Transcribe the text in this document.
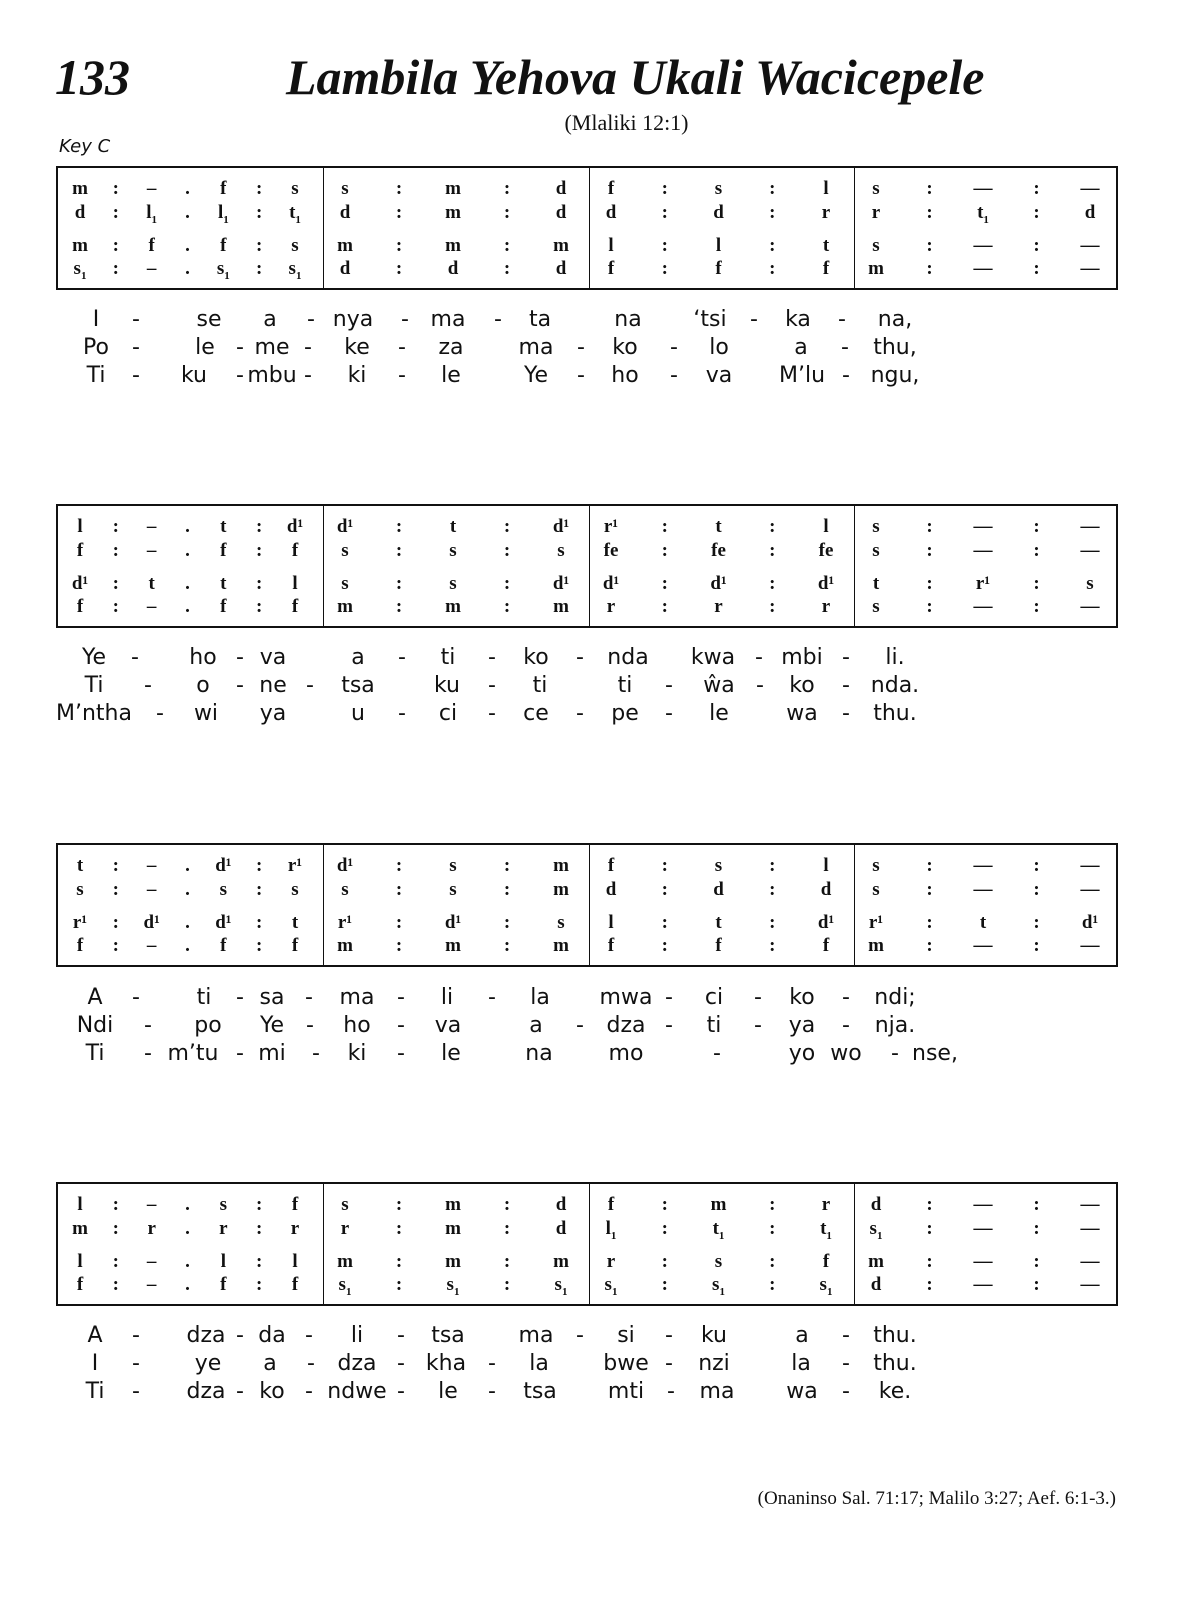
133	Lambila Yehova Ukali Wacicepele
(Mlaliki 12:1)
Key C
m	:	–	.	f	:	s	s	:	m	:	d	f	:	s	:	l	s	:	—	:	—
d	:	$l_1$	.	$l_1$	:	$t_1$	d	:	m	:	d	d	:	d	:	r	r	:	$t_1$	:	d
m	:	f	.	f	:	s	m	:	m	:	m	l	:	l	:	t	s	:	—	:	—
$s_1$	:	–	.	$s_1$	:	$s_1$	d	:	d	:	d	f	:	f	:	f	m	:	—	:	—
I	-	se	a	- nya	- ma	-	ta	na	‘tsi	-	ka	-	na,
Po	-	le - me -	ke	-	za	ma	-	ko	-	lo	a	-	thu,
Ti	-	ku	- mbu -	ki	-	le	Ye	-	ho	-	va	M’lu - ngu,
l	:	–	.	t	:	d¹	d¹	:	t	:	d¹	r¹	:	t	:	l	s	:	—	:	—
f	:	–	.	f	:	f	s	:	s	:	s	fe	:	fe	:	fe	s	:	—	:	—
d¹	:	t	.	t	:	l	s	:	s	:	d¹	d¹	:	d¹	:	d¹	t	:	r¹	:	s
f	:	–	.	f	:	f	m	:	m	:	m	r	:	r	:	r	s	:	—	:	—
Ye	-	ho - va	a	-	ti	-	ko	-	nda	kwa - mbi -	li.
Ti	-	o	- ne -	tsa	ku	-	ti	ti	-	ŵa -	ko	- nda.
M’ntha	-	wi	ya	u	-	ci	-	ce	-	pe	-	le	wa	-	thu.
t	:	–	.	d¹	:	r¹	d¹	:	s	:	m	f	:	s	:	l	s	:	—	:	—
s	:	–	.	s	:	s	s	:	s	:	m	d	:	d	:	d	s	:	—	:	—
r¹	:	d¹	.	d¹	:	t	r¹	:	d¹	:	s	l	:	t	:	d¹	r¹	:	t	:	d¹
f	:	–	.	f	:	f	m	:	m	:	m	f	:	f	:	f	m	:	—	:	—
A	-	ti	- sa -	ma	-	li	-	la	mwa -	ci	-	ko	-	ndi;
Ndi	-	po	Ye -	ho	-	va	a	-	dza -	ti	-	ya	-	nja.
Ti	- m’tu - mi	-	ki	-	le	na	mo	-	yo wo	- nse,
l	:	–	.	s	:	f	s	:	m	:	d	f	:	m	:	r	d	:	—	:	—
m	:	r	.	r	:	r	r	:	m	:	d	$l_1$	:	$t_1$	:	$t_1$	$s_1$	:	—	:	—
l	:	–	.	l	:	l	m	:	m	:	m	r	:	s	:	f	m	:	—	:	—
f	:	–	.	f	:	f	$s_1$	:	$s_1$	:	$s_1$	$s_1$	:	$s_1$	:	$s_1$	d	:	—	:	—
A	-	dza - da -	li	-	tsa	ma	-	si	-	ku	a	-	thu.
I	-	ye	a	-	dza - kha -	la	bwe -	nzi	la	-	thu.
Ti	-	dza - ko - ndwe -	le	-	tsa	mti	-	ma	wa	-	ke.
(Onaninso Sal. 71:17; Malilo 3:27; Aef. 6:1-3.)
